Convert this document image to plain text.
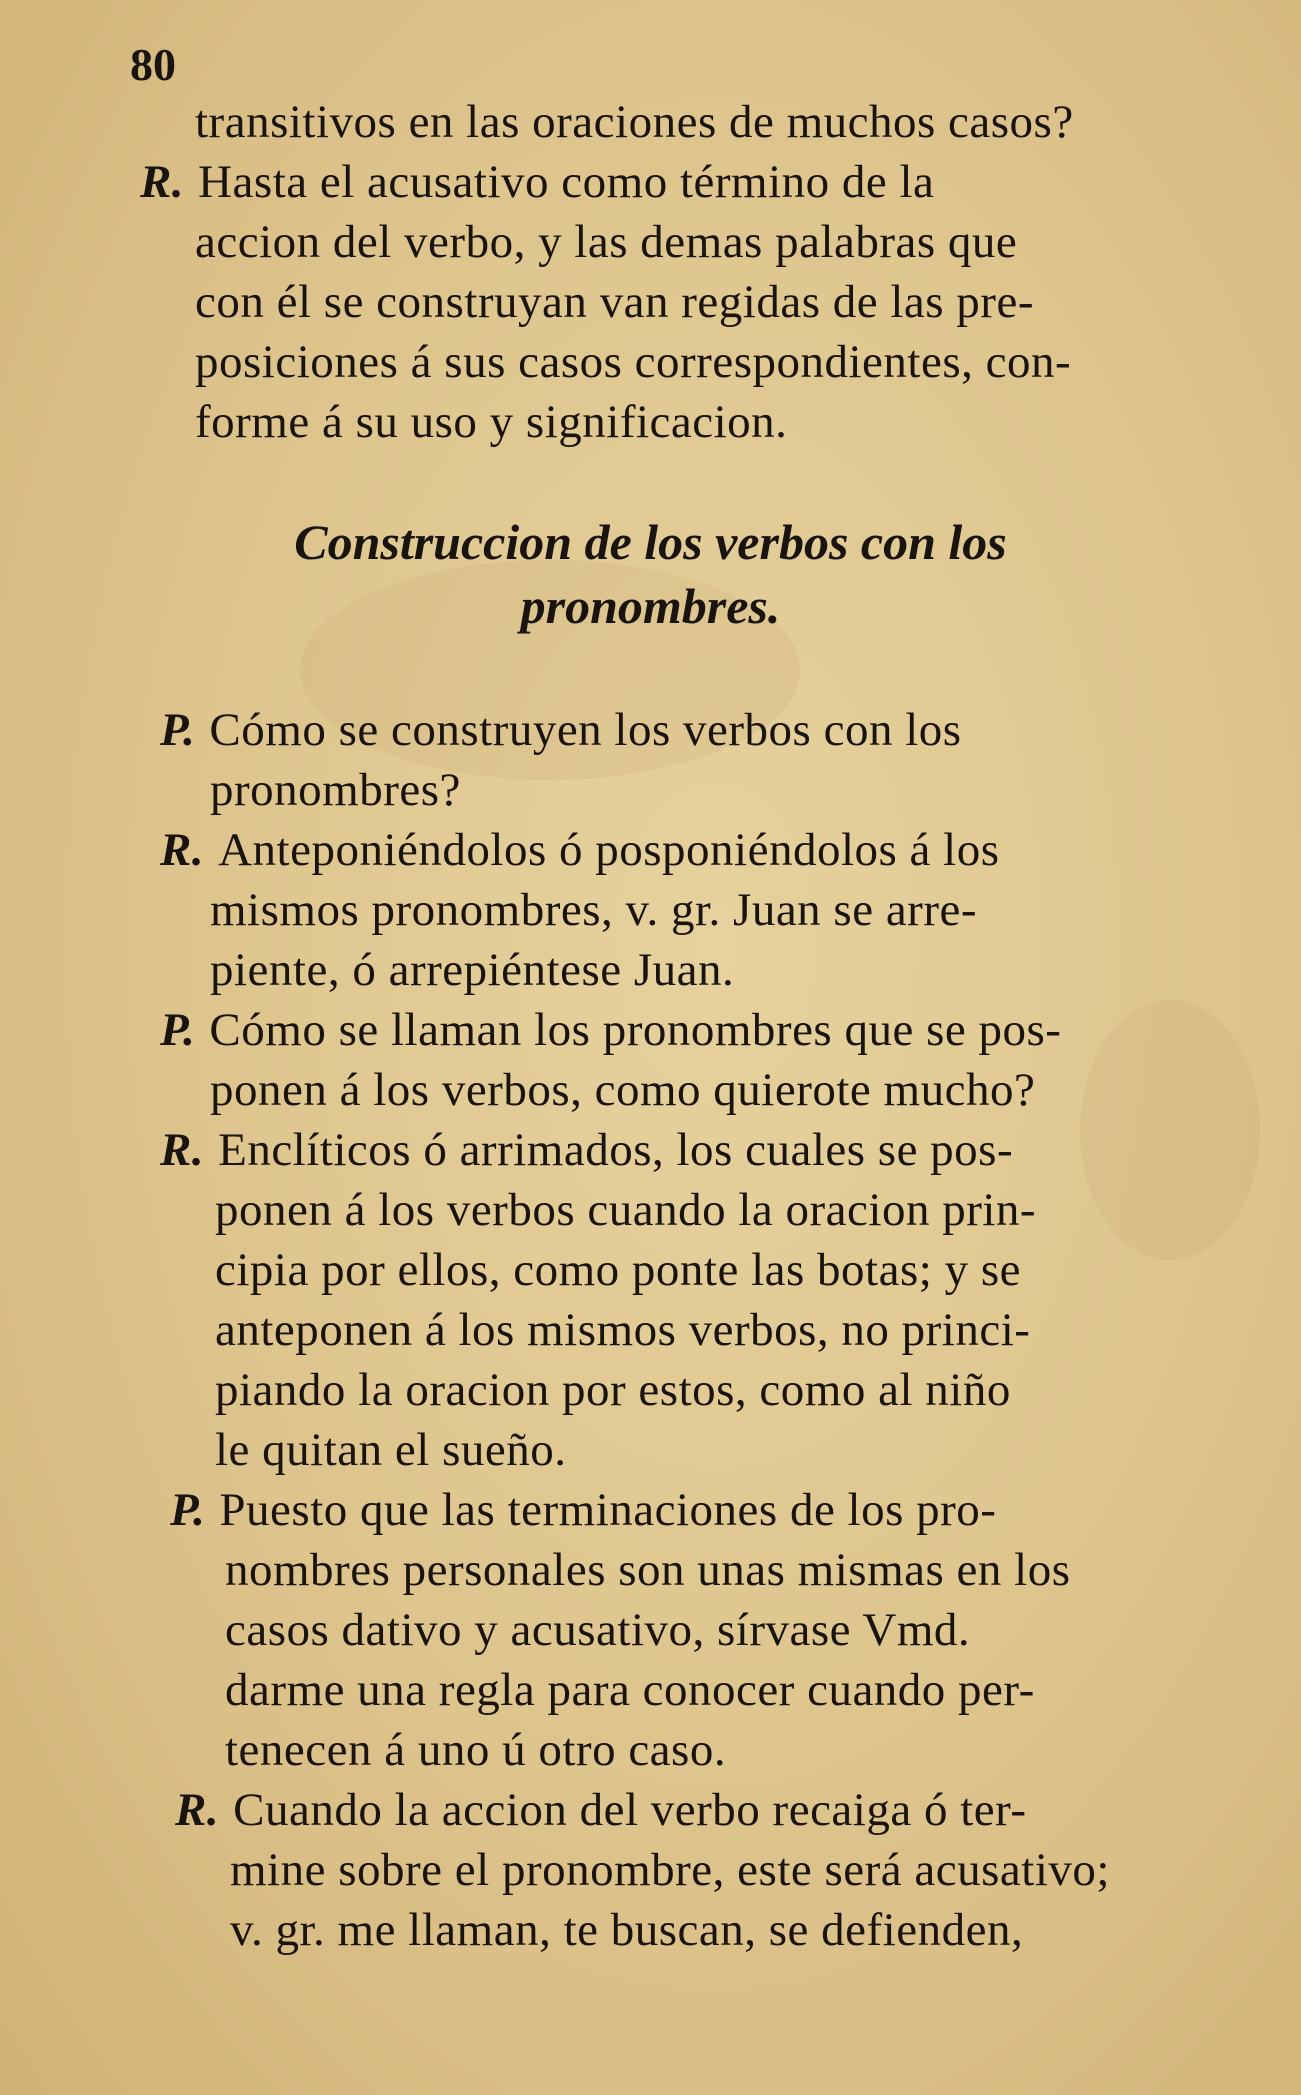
80
transitivos en las oraciones de muchos casos?
R. Hasta el acusativo como término de la
accion del verbo, y las demas palabras que
con él se construyan van regidas de las pre-
posiciones á sus casos correspondientes, con-
forme á su uso y significacion.
Construccion de los verbos con los
pronombres.
P. Cómo se construyen los verbos con los
pronombres?
R. Anteponiéndolos ó posponiéndolos á los
mismos pronombres, v. gr. Juan se arre-
piente, ó arrepiéntese Juan.
P. Cómo se llaman los pronombres que se pos-
ponen á los verbos, como quierote mucho?
R. Enclíticos ó arrimados, los cuales se pos-
ponen á los verbos cuando la oracion prin-
cipia por ellos, como ponte las botas; y se
anteponen á los mismos verbos, no princi-
piando la oracion por estos, como al niño
le quitan el sueño.
P. Puesto que las terminaciones de los pro-
nombres personales son unas mismas en los
casos dativo y acusativo, sírvase Vmd.
darme una regla para conocer cuando per-
tenecen á uno ú otro caso.
R. Cuando la accion del verbo recaiga ó ter-
mine sobre el pronombre, este será acusativo;
v. gr. me llaman, te buscan, se defienden,
